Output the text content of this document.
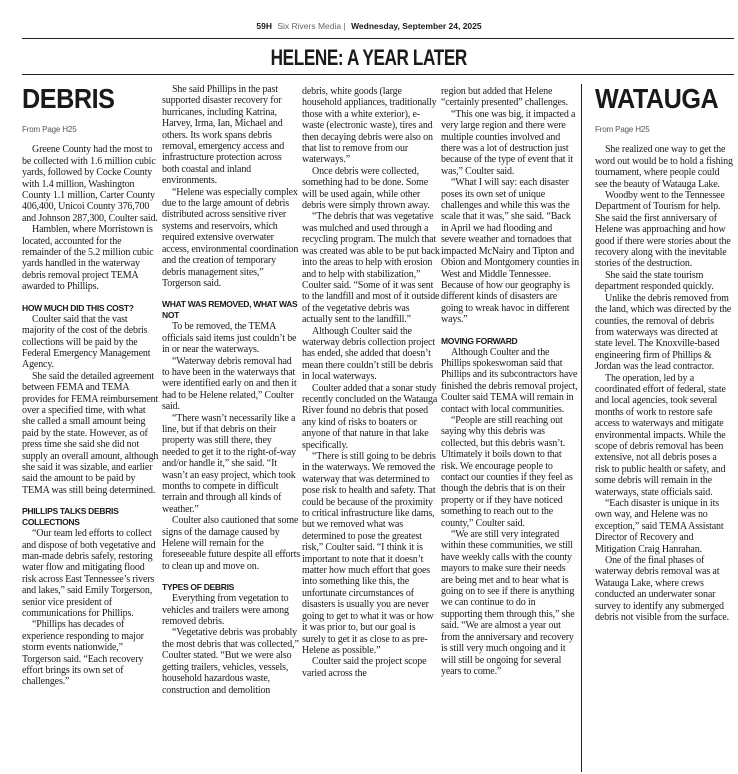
59H Six Rivers Media | Wednesday, September 24, 2025
HELENE: A YEAR LATER
DEBRIS
From Page H25

Greene County had the most to be collected with 1.6 million cubic yards, followed by Cocke County with 1.4 million, Washington County 1.1 million, Carter County 406,400, Unicoi County 376,700 and Johnson 287,300, Coulter said.

Hamblen, where Morristown is located, accounted for the remainder of the 5.2 million cubic yards handled in the waterway debris removal project TEMA awarded to Phillips.

HOW MUCH DID THIS COST?

Coulter said that the vast majority of the cost of the debris collections will be paid by the Federal Emergency Management Agency.

She said the detailed agreement between FEMA and TEMA provides for FEMA reimbursement over a specified time, with what she called a small amount being paid by the state. However, as of press time she said she did not supply an overall amount, although she said it was sizable, and earlier said the amount to be paid by TEMA was still being determined.

PHILLIPS TALKS DEBRIS COLLECTIONS

“Our team led efforts to collect and dispose of both vegetative and man-made debris safely, restoring water flow and mitigating flood risk across East Tennessee’s rivers and lakes,” said Emily Torgerson, senior vice president of communications for Phillips.

“Phillips has decades of experience responding to major storm events nationwide,” Torgerson said. “Each recovery effort brings its own set of challenges.”

She said Phillips in the past supported disaster recovery for hurricanes, including Katrina, Harvey, Irma, Ian, Michael and others. Its work spans debris removal, emergency access and infrastructure protection across both coastal and inland environments.

“Helene was especially complex due to the large amount of debris distributed across sensitive river systems and reservoirs, which required extensive overwater access, environmental coordination and the creation of temporary debris management sites,” Torgerson said.

WHAT WAS REMOVED, WHAT WAS NOT

To be removed, the TEMA officials said items just couldn’t be in or near the waterways.

“Waterway debris removal had to have been in the waterways that were identified early on and then it had to be Helene related,” Coulter said.

“There wasn’t necessarily like a line, but if that debris on their property was still there, they needed to get it to the right-of-way and/or handle it,” she said. “It wasn’t an easy project, which took months to compete in difficult terrain and through all kinds of weather.”

Coulter also cautioned that some signs of the damage caused by Helene will remain for the foreseeable future despite all efforts to clean up and move on.

TYPES OF DEBRIS

Everything from vegetation to vehicles and trailers were among removed debris.

“Vegetative debris was probably the most debris that was collected,” Coulter stated. “But we were also getting trailers, vehicles, vessels, household hazardous waste, construction and demolition

debris, white goods (large household appliances, traditionally those with a white exterior), e-waste (electronic waste), tires and then decaying debris were also on that list to remove from our waterways.”

Once debris were collected, something had to be done. Some will be used again, while other debris were simply thrown away.

“The debris that was vegetative was mulched and used through a recycling program. The mulch that was created was able to be put back into the areas to help with erosion and to help with stabilization,” Coulter said. “Some of it was sent to the landfill and most of it outside of the vegetative debris was actually sent to the landfill.”

Although Coulter said the waterway debris collection project has ended, she added that doesn’t mean there couldn’t still be debris in local waterways.

Coulter added that a sonar study recently concluded on the Watauga River found no debris that posed any kind of risks to boaters or anyone of that nature in that lake specifically.

“There is still going to be debris in the waterways. We removed the waterway that was determined to pose risk to health and safety. That could be because of the proximity to critical infrastructure like dams, but we removed what was determined to pose the greatest risk,” Coulter said. “I think it is important to note that it doesn’t matter how much effort that goes into something like this, the unfortunate circumstances of disasters is usually you are never going to get to what it was or how it was prior to, but our goal is surely to get it as close to as pre-Helene as possible.”

Coulter said the project scope varied across the

region but added that Helene “certainly presented” challenges.

“This one was big, it impacted a very large region and there were multiple counties involved and there was a lot of destruction just because of the type of event that it was,” Coulter said.

“What I will say: each disaster poses its own set of unique challenges and while this was the scale that it was,” she said. “Back in April we had flooding and severe weather and tornadoes that impacted McNairy and Tipton and Obion and Montgomery counties in West and Middle Tennessee. Because of how our geography is different kinds of disasters are going to wreak havoc in different ways.”

MOVING FORWARD

Although Coulter and the Phillips spokeswoman said that Phillips and its subcontractors have finished the debris removal project, Coulter said TEMA will remain in contact with local communities.

“People are still reaching out saying why this debris was collected, but this debris wasn’t. Ultimately it boils down to that risk. We encourage people to contact our counties if they feel as though the debris that is on their property or if they have noticed something to reach out to the county,” Coulter said.

“We are still very integrated within these communities, we still have weekly calls with the county mayors to make sure their needs are being met and to hear what is going on to see if there is anything we can continue to do in supporting them through this,” she said. “We are almost a year out from the anniversary and recovery is still very much ongoing and it will still be ongoing for several years to come.”

WATAUGA
From Page H25

She realized one way to get the word out would be to hold a fishing tournament, where people could see the beauty of Watauga Lake.

Woodby went to the Tennessee Department of Tourism for help. She said the first anniversary of Helene was approaching and how good if there were stories about the recovery along with the inevitable stories of the destruction.

She said the state tourism department responded quickly.

Unlike the debris removed from the land, which was directed by the counties, the removal of debris from waterways was directed at state level. The Knoxville-based engineering firm of Phillips & Jordan was the lead contractor.

The operation, led by a coordinated effort of federal, state and local agencies, took several months of work to restore safe access to waterways and mitigate environmental impacts. While the scope of debris removal has been extensive, not all debris poses a risk to public health or safety, and some debris will remain in the waterways, state officials said.

“Each disaster is unique in its own way, and Helene was no exception,” said TEMA Assistant Director of Recovery and Mitigation Craig Hanrahan.

One of the final phases of waterway debris removal was at Watauga Lake, where crews conducted an underwater sonar survey to identify any submerged debris not visible from the surface.
